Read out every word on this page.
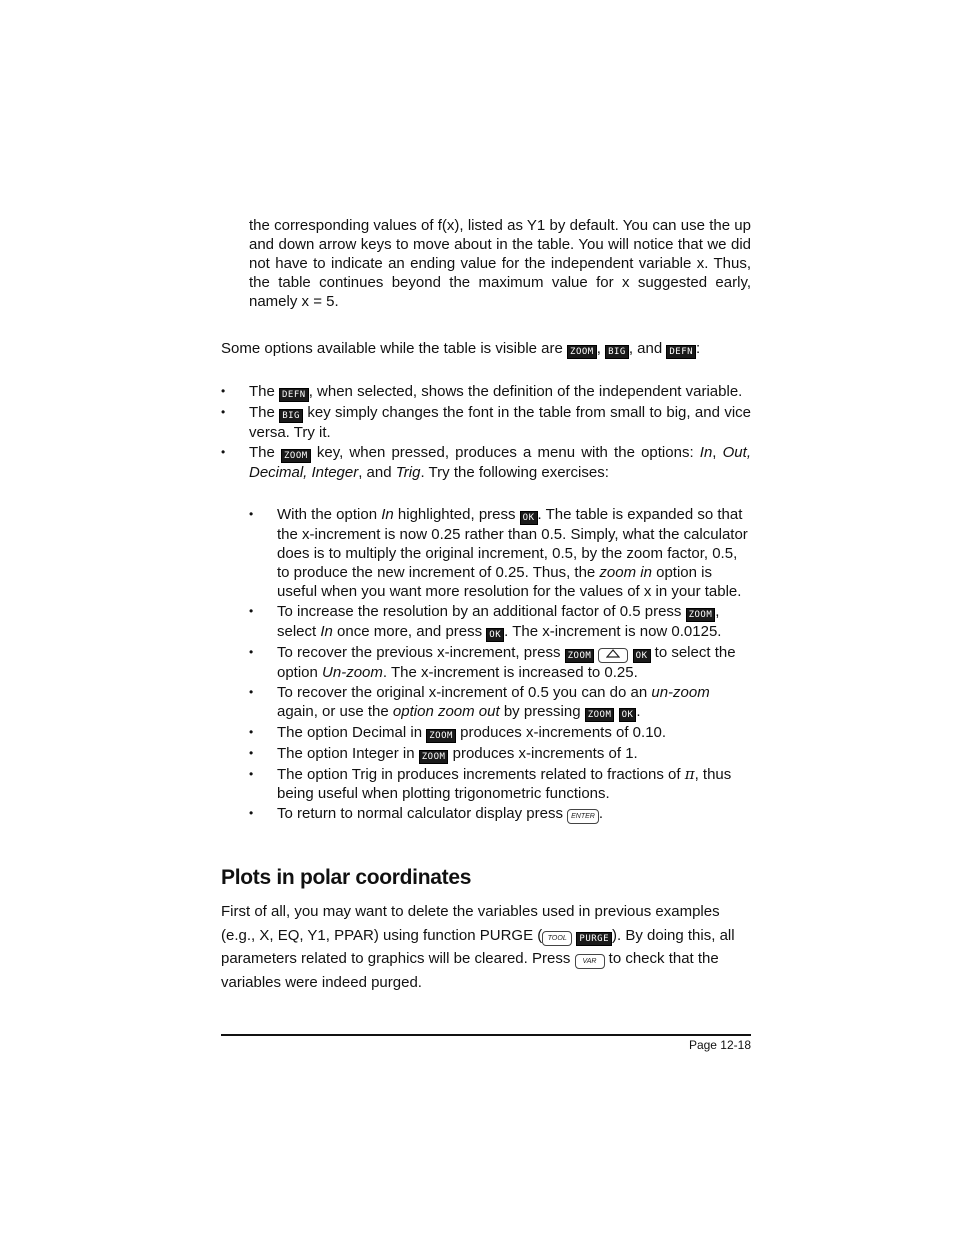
the corresponding values of f(x), listed as Y1 by default. You can use the up and down arrow keys to move about in the table. You will notice that we did not have to indicate an ending value for the independent variable x. Thus, the table continues beyond the maximum value for x suggested early, namely x = 5.
Some options available while the table is visible are ZOOM , BIG , and DEFN :
•	The DEFN , when selected, shows the definition of the independent variable.
•	The BIG key simply changes the font in the table from small to big, and vice versa. Try it.
•	The ZOOM key, when pressed, produces a menu with the options: In, Out, Decimal, Integer, and Trig. Try the following exercises:
•	With the option In highlighted, press OK . The table is expanded so that the x-increment is now 0.25 rather than 0.5. Simply, what the calculator does is to multiply the original increment, 0.5, by the zoom factor, 0.5, to produce the new increment of 0.25. Thus, the zoom in option is useful when you want more resolution for the values of x in your table.
•	To increase the resolution by an additional factor of 0.5 press ZOOM , select In once more, and press OK . The x-increment is now 0.0125.
•	To recover the previous x-increment, press ZOOM	OK to select the option Un-zoom. The x-increment is increased to 0.25.
•	To recover the original x-increment of 0.5 you can do an un-zoom again, or use the option zoom out by pressing ZOOM OK .
•	The option Decimal in ZOOM produces x-increments of 0.10.
•	The option Integer in ZOOM produces x-increments of 1.
•	The option Trig in produces increments related to fractions of π, thus being useful when plotting trigonometric functions.
•	To return to normal calculator display press ENTER .
Plots in polar coordinates
First of all, you may want to delete the variables used in previous examples (e.g., X, EQ, Y1, PPAR) using function PURGE ( TOOL PURGE ). By doing this, all parameters related to graphics will be cleared. Press VAR to check that the variables were indeed purged.
Page 12-18
